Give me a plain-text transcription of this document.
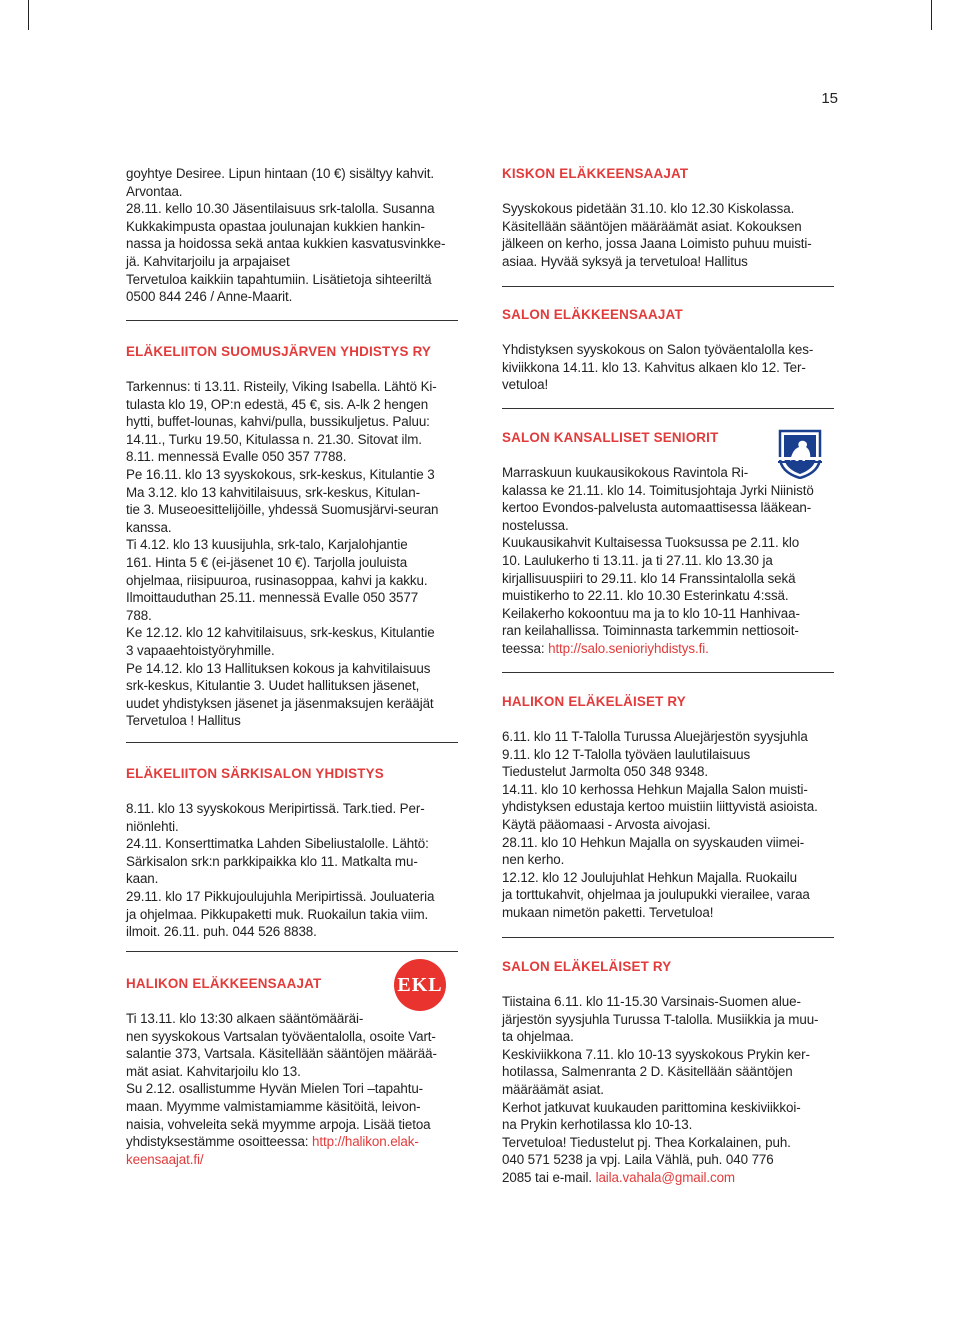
15

goyhtye Desiree. Lipun hintaan (10 €) sisältyy kahvit.

Arvontaa.

28.11. kello 10.30 Jäsentilaisuus srk-talolla. Susanna

Kukkakimpusta opastaa joulunajan kukkien hankin-

nassa ja hoidossa sekä antaa kukkien kasvatusvinkke-

jä. Kahvitarjoilu ja arpajaiset

Tervetuloa kaikkiin tapahtumiin. Lisätietoja sihteeriltä

0500 844 246 / Anne-Maarit.

ELÄKELIITON SUOMUSJÄRVEN YHDISTYS RY

Tarkennus: ti 13.11. Risteily, Viking Isabella. Lähtö Ki-

tulasta klo 19, OP:n edestä, 45 €, sis. A-lk 2 hengen

hytti, buffet-lounas, kahvi/pulla, bussikuljetus. Paluu:

14.11., Turku 19.50, Kitulassa n. 21.30. Sitovat ilm.

8.11. mennessä Evalle 050 357 7788.

Pe 16.11. klo 13 syyskokous, srk-keskus, Kitulantie 3

Ma 3.12. klo 13 kahvitilaisuus, srk-keskus, Kitulan-

tie 3. Museoesittelijöille, yhdessä Suomusjärvi-seuran

kanssa.

Ti 4.12. klo 13 kuusijuhla, srk-talo, Karjalohjantie

161. Hinta 5 € (ei-jäsenet 10 €). Tarjolla jouluista

ohjelmaa, riisipuuroa, rusinasoppaa, kahvi ja kakku.

Ilmoittauduthan 25.11. mennessä Evalle 050 3577

788.

Ke 12.12. klo 12 kahvitilaisuus, srk-keskus, Kitulantie

3 vapaaehtoistyöryhmille.

Pe 14.12. klo 13 Hallituksen kokous ja kahvitilaisuus

srk-keskus, Kitulantie 3. Uudet hallituksen jäsenet,

uudet yhdistyksen jäsenet ja jäsenmaksujen kerääjät

Tervetuloa ! Hallitus

ELÄKELIITON SÄRKISALON YHDISTYS

8.11. klo 13 syyskokous Meripirtissä. Tark.tied. Per-

niönlehti.

24.11. Konserttimatka Lahden Sibeliustalolle. Lähtö:

Särkisalon srk:n parkkipaikka klo 11. Matkalta mu-

kaan.

29.11. klo 17 Pikkujoulujuhla Meripirtissä. Jouluateria

ja ohjelmaa. Pikkupaketti muk. Ruokailun takia viim.

ilmoit. 26.11. puh. 044 526 8838.

EKL
HALIKON ELÄKKEENSAAJAT

Ti 13.11. klo 13:30 alkaen sääntömääräi-

nen syyskokous Vartsalan työväentalolla, osoite Vart-

salantie 373, Vartsala. Käsitellään sääntöjen määrää-

mät asiat. Kahvitarjoilu klo 13.

Su 2.12. osallistumme Hyvän Mielen Tori –tapahtu-

maan. Myymme valmistamiamme käsitöitä, leivon-

naisia, vohveleita sekä myymme arpoja. Lisää tietoa

yhdistyksestämme osoitteessa: http://halikon.elak-

keensaajat.fi/

KISKON ELÄKKEENSAAJAT

Syyskokous pidetään 31.10. klo 12.30 Kiskolassa.

Käsitellään sääntöjen määräämät asiat. Kokouksen

jälkeen on kerho, jossa Jaana Loimisto puhuu muisti-

asiaa. Hyvää syksyä ja tervetuloa! Hallitus

SALON ELÄKKEENSAAJAT

Yhdistyksen syyskokous on Salon työväentalolla kes-

kiviikkona 14.11. klo 13. Kahvitus alkaen klo 12. Ter-

vetuloa!

SALON KANSALLISET SENIORIT

Marraskuun kuukausikokous Ravintola Ri-

kalassa ke 21.11. klo 14. Toimitusjohtaja Jyrki Niinistö

kertoo Evondos-palvelusta automaattisessa lääkean-

nostelussa.

Kuukausikahvit Kultaisessa Tuoksussa pe 2.11. klo

10. Laulukerho ti 13.11. ja ti 27.11. klo 13.30 ja

kirjallisuuspiiri to 29.11. klo 14 Franssintalolla sekä

muistikerho to 22.11. klo 10.30 Esterinkatu 4:ssä.

Keilakerho kokoontuu ma ja to klo 10-11 Hanhivaa-

ran keilahallissa. Toiminnasta tarkemmin nettiosoit-

teessa: http://salo.senioriyhdistys.fi.

HALIKON ELÄKELÄISET RY

6.11. klo 11 T-Talolla Turussa Aluejärjestön syysjuhla

9.11. klo 12 T-Talolla työväen laulutilaisuus

Tiedustelut Jarmolta 050 348 9348.

14.11. klo 10 kerhossa Hehkun Majalla Salon muisti-

yhdistyksen edustaja kertoo muistiin liittyvistä asioista.

Käytä pääomaasi - Arvosta aivojasi.

28.11. klo 10 Hehkun Majalla on syyskauden viimei-

nen kerho.

12.12. klo 12 Joulujuhlat Hehkun Majalla. Ruokailu

ja torttukahvit, ohjelmaa ja joulupukki vierailee, varaa

mukaan nimetön paketti. Tervetuloa!

SALON ELÄKELÄISET RY

Tiistaina 6.11. klo 11-15.30 Varsinais-Suomen alue-

järjestön syysjuhla Turussa T-talolla. Musiikkia ja muu-

ta ohjelmaa.

Keskiviikkona 7.11. klo 10-13 syyskokous Prykin ker-

hotilassa, Salmenranta 2 D. Käsitellään sääntöjen

määräämät asiat.

Kerhot jatkuvat kuukauden parittomina keskiviikkoi-

na Prykin kerhotilassa klo 10-13.

Tervetuloa! Tiedustelut pj. Thea Korkalainen, puh.

040 571 5238 ja vpj. Laila Vählä, puh. 040 776

2085 tai e-mail. laila.vahala@gmail.com
